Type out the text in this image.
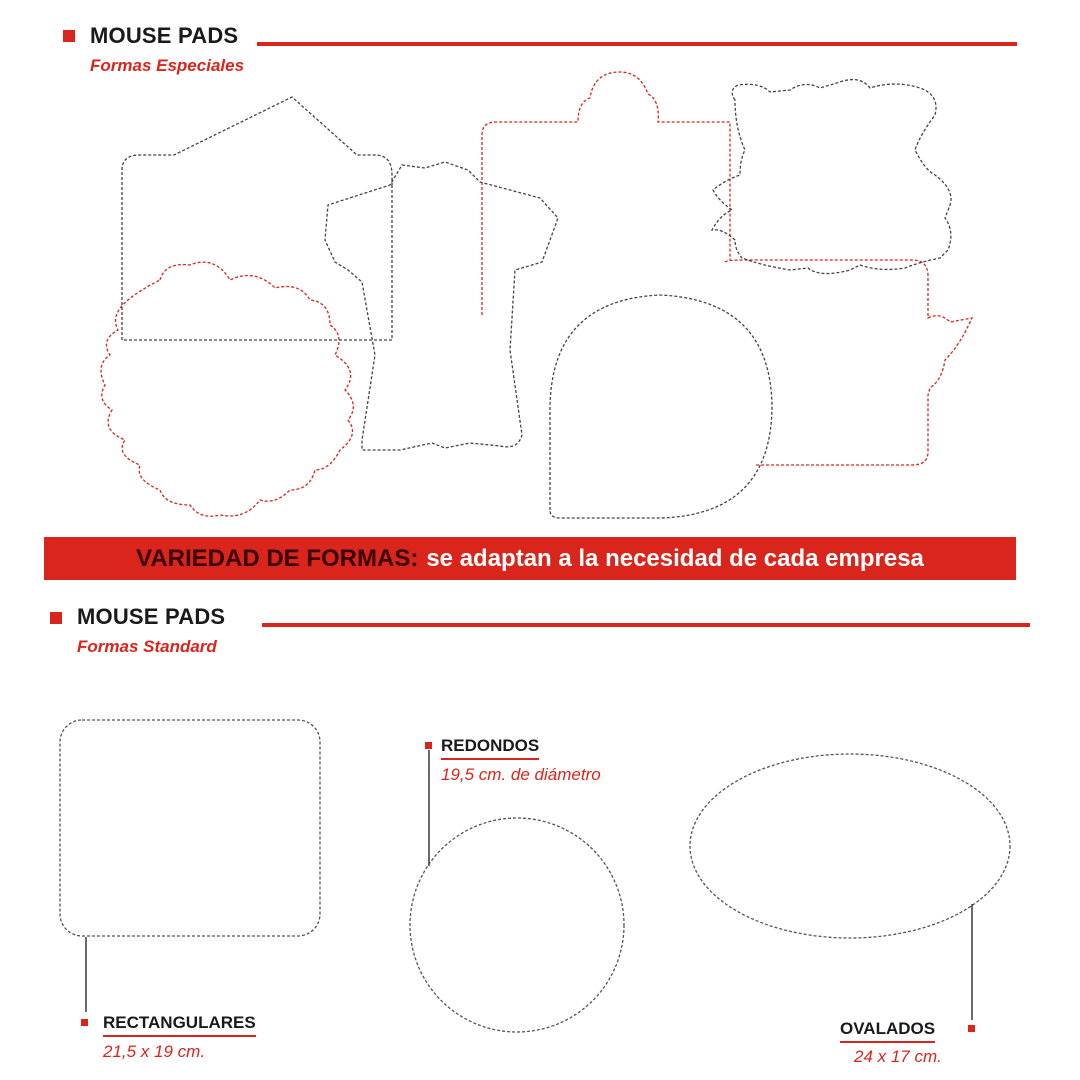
MOUSE PADS
Formas Especiales
VARIEDAD DE FORMAS: se adaptan a la necesidad de cada empresa
MOUSE PADS
Formas Standard
RECTANGULARES
21,5 x 19 cm.
REDONDOS
19,5 cm. de diámetro
OVALADOS
24 x 17 cm.
